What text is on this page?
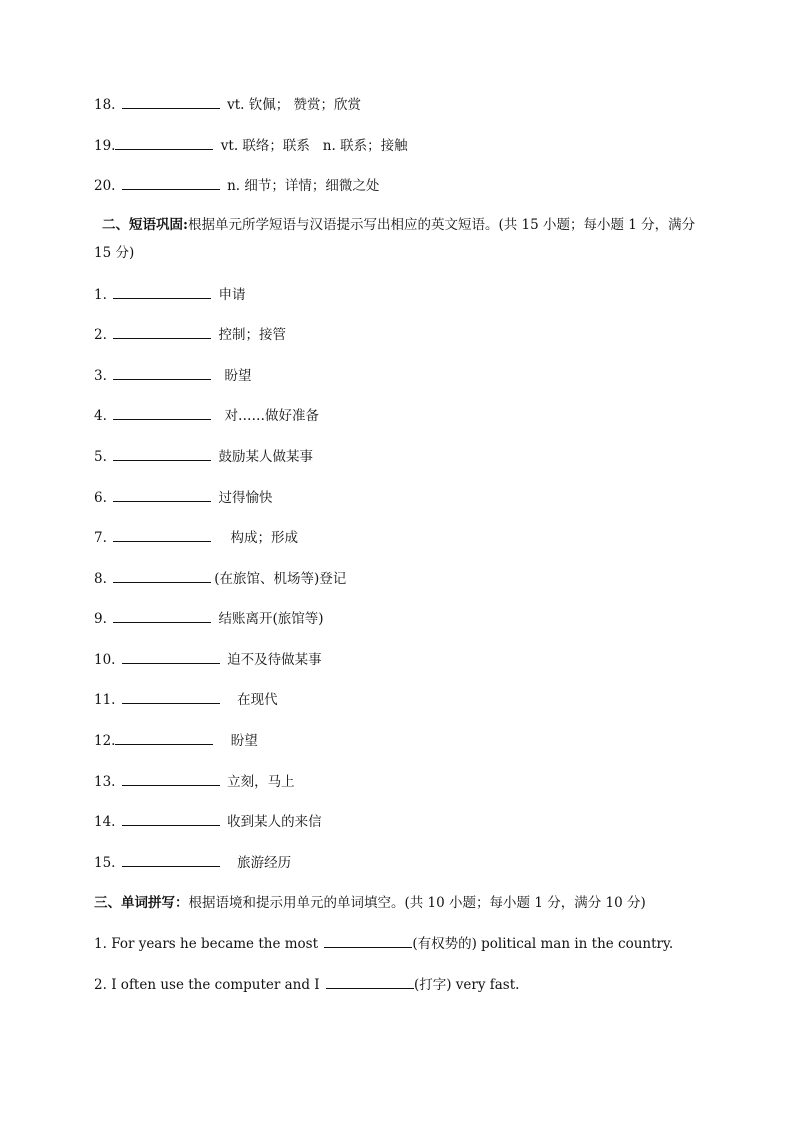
18.	vt. 钦佩； 赞赏；欣赏
19.	vt. 联络；联系   n. 联系；接触
20.	n. 细节；详情；细微之处
二、短语巩固:根据单元所学短语与汉语提示写出相应的英文短语。(共 15 小题；每小题 1 分，满分 15 分)
1.	申请
2.	控制；接管
3.	盼望
4.	对……做好准备
5.	鼓励某人做某事
6.	过得愉快
7.	构成；形成
8.	(在旅馆、机场等)登记
9.	结账离开(旅馆等)
10.	迫不及待做某事
11.	在现代
12.	盼望
13.	立刻，马上
14.	收到某人的来信
15.	旅游经历
三、单词拼写：根据语境和提示用单元的单词填空。(共 10 小题；每小题 1 分，满分 10 分)
1. For years he became the most	(有权势的) political man in the country.
2. I often use the computer and I	(打字) very fast.
